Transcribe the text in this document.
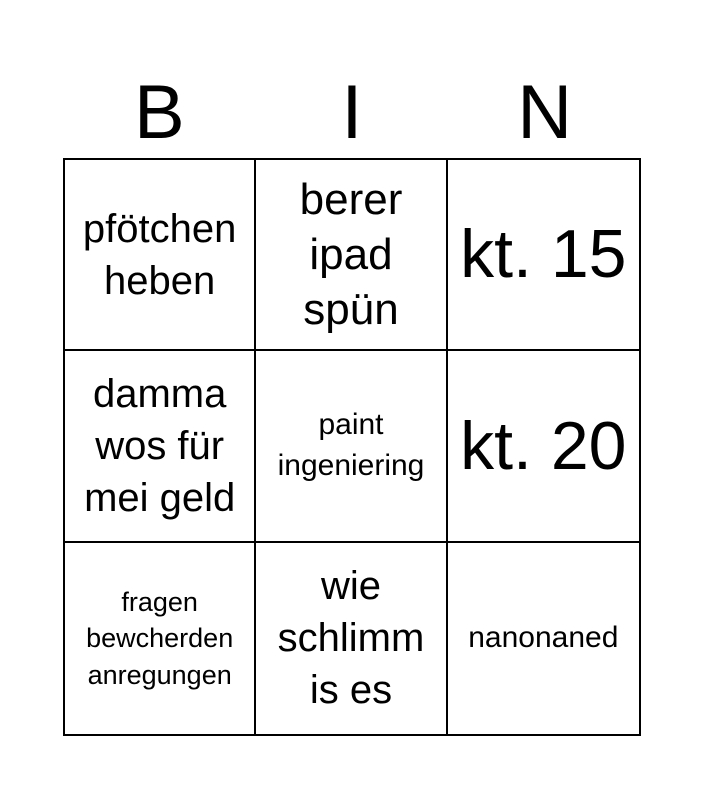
B	I	N
pfötchen heben
berer ipad spün
kt. 15
damma wos für mei geld
paint ingeniering kt. 20
fragen bewcherden anregungen
wie schlimm is es
nanonaned
